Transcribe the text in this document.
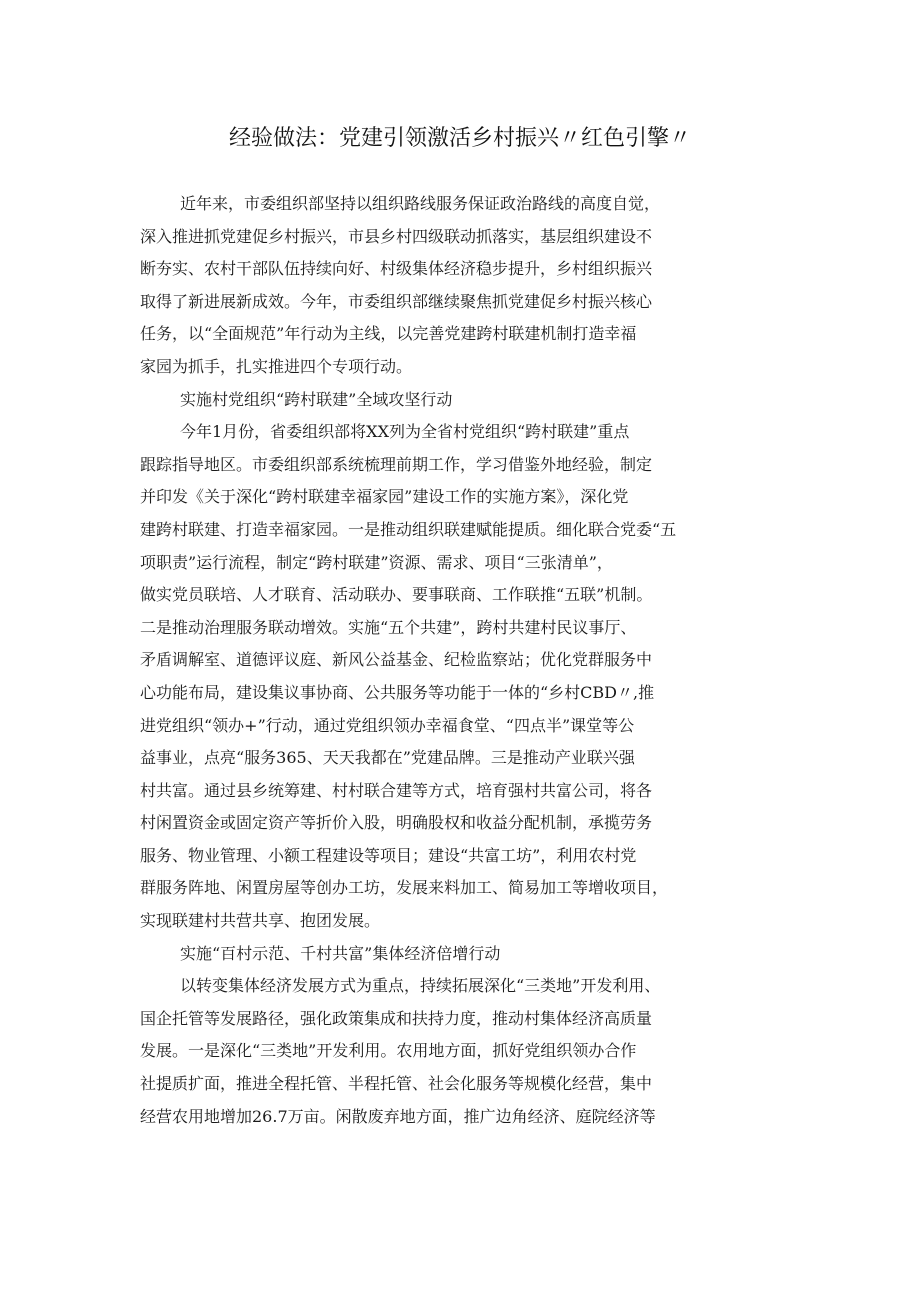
经验做法：党建引领激活乡村振兴〃红色引擎〃
近年来，市委组织部坚持以组织路线服务保证政治路线的高度自觉，
深入推进抓党建促乡村振兴，市县乡村四级联动抓落实，基层组织建设不
断夯实、农村干部队伍持续向好、村级集体经济稳步提升，乡村组织振兴
取得了新进展新成效。今年，市委组织部继续聚焦抓党建促乡村振兴核心
任务，以“全面规范”年行动为主线，以完善党建跨村联建机制打造幸福
家园为抓手，扎实推进四个专项行动。
实施村党组织“跨村联建”全域攻坚行动
今年1月份，省委组织部将XX列为全省村党组织“跨村联建”重点
跟踪指导地区。市委组织部系统梳理前期工作，学习借鉴外地经验，制定
并印发《关于深化“跨村联建幸福家园”建设工作的实施方案》，深化党
建跨村联建、打造幸福家园。一是推动组织联建赋能提质。细化联合党委“五
项职责”运行流程，制定“跨村联建”资源、需求、项目“三张清单”，
做实党员联培、人才联育、活动联办、要事联商、工作联推“五联”机制。
二是推动治理服务联动增效。实施“五个共建”，跨村共建村民议事厅、
矛盾调解室、道德评议庭、新风公益基金、纪检监察站；优化党群服务中
心功能布局，建设集议事协商、公共服务等功能于一体的“乡村CBD〃,推
进党组织“领办+”行动，通过党组织领办幸福食堂、“四点半”课堂等公
益事业，点亮“服务365、天天我都在”党建品牌。三是推动产业联兴强
村共富。通过县乡统筹建、村村联合建等方式，培育强村共富公司，将各
村闲置资金或固定资产等折价入股，明确股权和收益分配机制，承揽劳务
服务、物业管理、小额工程建设等项目；建设“共富工坊”，利用农村党
群服务阵地、闲置房屋等创办工坊，发展来料加工、简易加工等增收项目，
实现联建村共营共享、抱团发展。
实施“百村示范、千村共富”集体经济倍增行动
以转变集体经济发展方式为重点，持续拓展深化“三类地”开发利用、
国企托管等发展路径，强化政策集成和扶持力度，推动村集体经济高质量
发展。一是深化“三类地”开发利用。农用地方面，抓好党组织领办合作
社提质扩面，推进全程托管、半程托管、社会化服务等规模化经营，集中
经营农用地增加26.7万亩。闲散废弃地方面，推广边角经济、庭院经济等
